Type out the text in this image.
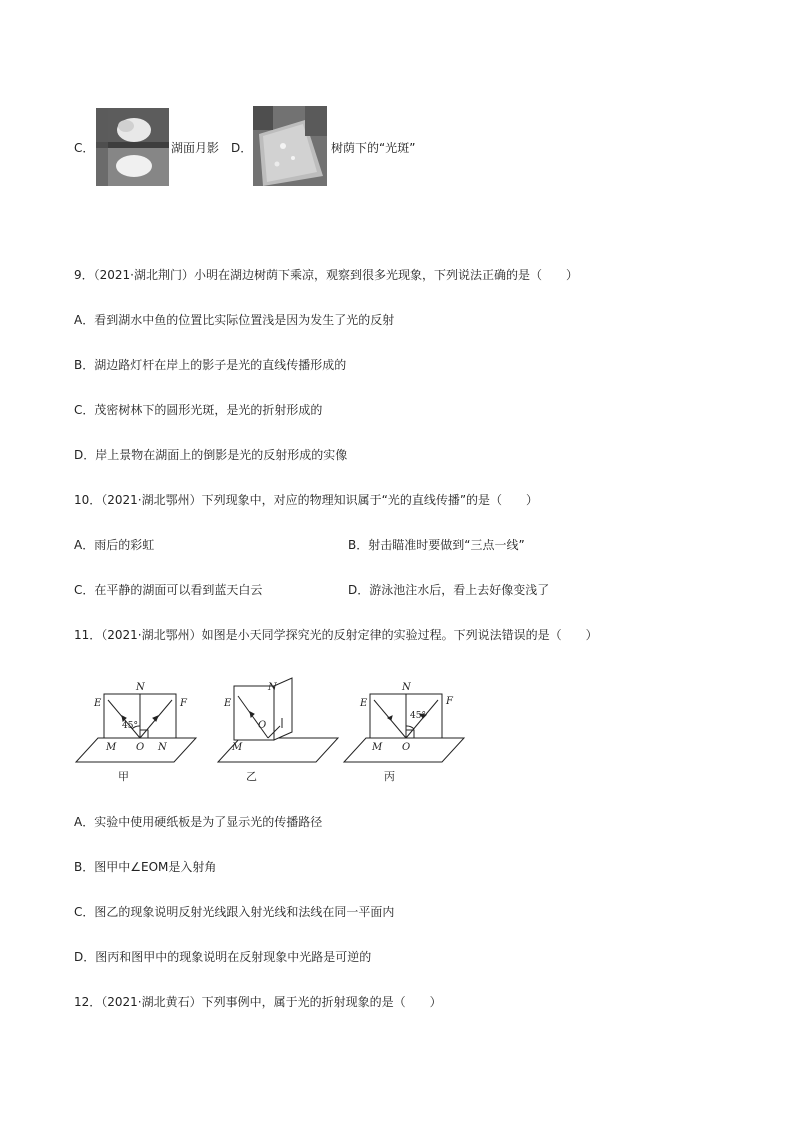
C．	湖面月影 D．	树荫下的“光斑”
9．（2021·湖北荆门）小明在湖边树荫下乘凉，观察到很多光现象，下列说法正确的是（　　）
A．看到湖水中鱼的位置比实际位置浅是因为发生了光的反射
B．湖边路灯杆在岸上的影子是光的直线传播形成的
C．茂密树林下的圆形光斑，是光的折射形成的
D．岸上景物在湖面上的倒影是光的反射形成的实像
10．（2021·湖北鄂州）下列现象中，对应的物理知识属于“光的直线传播”的是（　　）
A．雨后的彩虹	B．射击瞄准时要做到“三点一线”
C．在平静的湖面可以看到蓝天白云	D．游泳池注水后，看上去好像变浅了
11．（2021·湖北鄂州）如图是小天同学探究光的反射定律的实验过程。下列说法错误的是（　　）
E
N
F
45°
M O N
E
N
O
M
E
N
F
45°
M O
甲	乙	丙
A．实验中使用硬纸板是为了显示光的传播路径
B．图甲中∠EOM是入射角
C．图乙的现象说明反射光线跟入射光线和法线在同一平面内
D．图丙和图甲中的现象说明在反射现象中光路是可逆的
12．（2021·湖北黄石）下列事例中，属于光的折射现象的是（　　）
